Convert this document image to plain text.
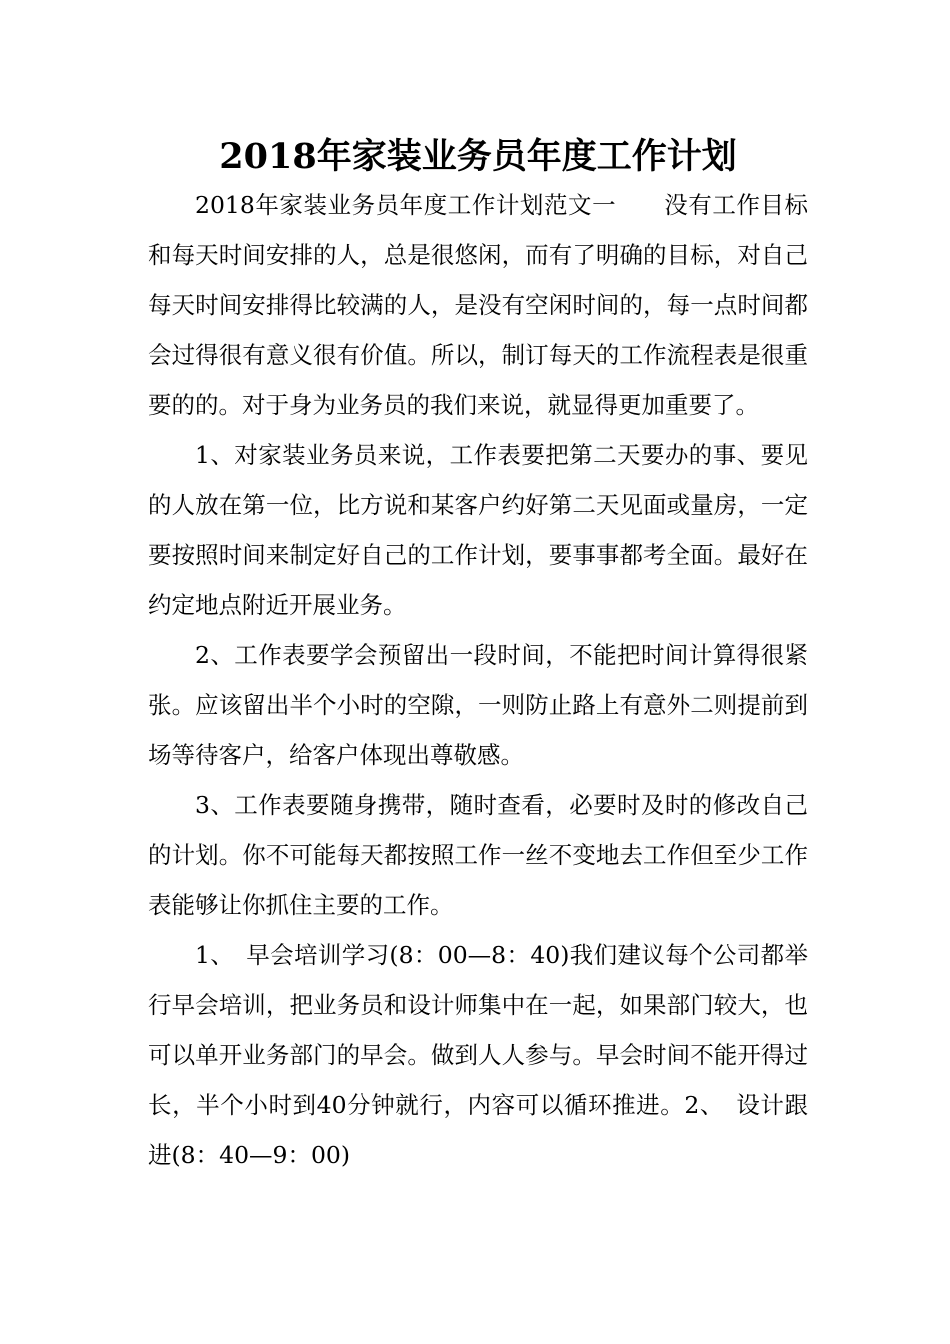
2018年家装业务员年度工作计划

2018年家装业务员年度工作计划范文一　　没有工作目标和每天时间安排的人，总是很悠闲，而有了明确的目标，对自己每天时间安排得比较满的人，是没有空闲时间的，每一点时间都会过得很有意义很有价值。所以，制订每天的工作流程表是很重要的的。对于身为业务员的我们来说，就显得更加重要了。

1、对家装业务员来说，工作表要把第二天要办的事、要见的人放在第一位，比方说和某客户约好第二天见面或量房，一定要按照时间来制定好自己的工作计划，要事事都考全面。最好在约定地点附近开展业务。

2、工作表要学会预留出一段时间，不能把时间计算得很紧张。应该留出半个小时的空隙，一则防止路上有意外二则提前到场等待客户，给客户体现出尊敬感。

3、工作表要随身携带，随时查看，必要时及时的修改自己的计划。你不可能每天都按照工作一丝不变地去工作但至少工作表能够让你抓住主要的工作。

1、　早会培训学习(8：00—8：40)我们建议每个公司都举行早会培训，把业务员和设计师集中在一起，如果部门较大，也可以单开业务部门的早会。做到人人参与。早会时间不能开得过长，半个小时到40分钟就行，内容可以循环推进。2、　设计跟进(8：40—9：00)
